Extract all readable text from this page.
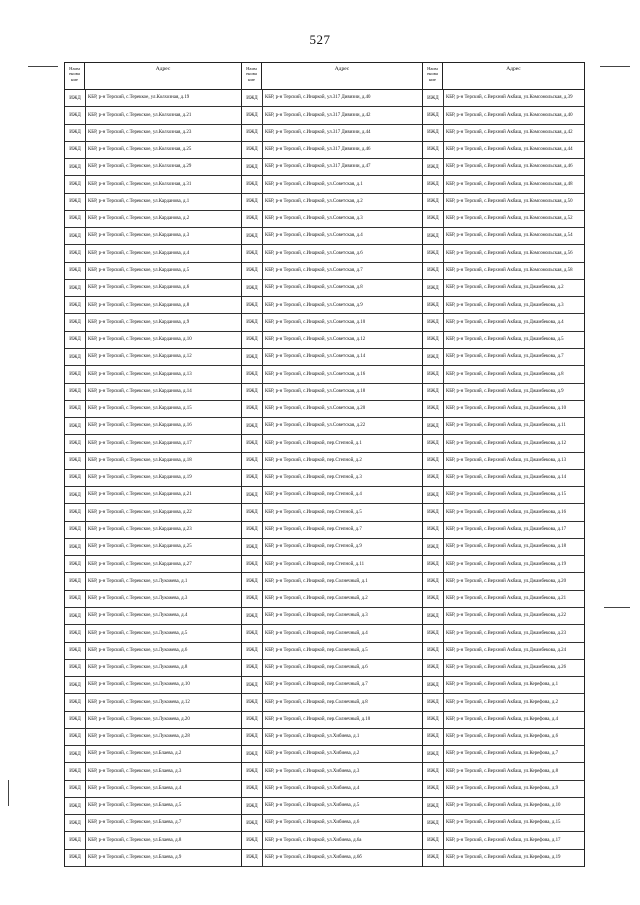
527
Наим енова ние
Адрес
ИЖД	КБР, р-н Терский, с.Тереккое, ул.Колхозная, д.19
ИЖД	КБР, р-н Терский, с.Терекское, ул.Колхозная, д.21
ИЖД	КБР, р-н Терский, с.Терекское, ул.Колхозная, д.23
ИЖД	КБР, р-н Терский, с.Терекское, ул.Колхозная, д.25
ИЖД	КБР, р-н Терский, с.Терекское, ул.Колхозная, д.29
ИЖД	КБР, р-н Терский, с.Терекское, ул.Колхозная, д.31
ИЖД	КБР, р-н Терский, с.Терекское, ул.Карданова, д.1
ИЖД	КБР, р-н Терский, с.Терекское, ул.Карданова, д.2
ИЖД	КБР, р-н Терский, с.Терекское, ул.Карданова, д.3
ИЖД	КБР, р-н Терский, с.Терекское, ул.Карданова, д.4
ИЖД	КБР, р-н Терский, с.Терекское, ул.Карданова, д.5
ИЖД	КБР, р-н Терский, с.Терекское, ул.Карданова, д.6
ИЖД	КБР, р-н Терский, с.Терекское, ул.Карданова, д.8
ИЖД	КБР, р-н Терский, с.Терекское, ул.Карданова, д.9
ИЖД	КБР, р-н Терский, с.Терекское, ул.Карданова, д.10
ИЖД	КБР, р-н Терский, с.Терекское, ул.Карданова, д.12
ИЖД	КБР, р-н Терский, с.Терекское, ул.Карданова, д.13
ИЖД	КБР, р-н Терский, с.Терекское, ул.Карданова, д.14
ИЖД	КБР, р-н Терский, с.Терекское, ул.Карданова, д.15
ИЖД	КБР, р-н Терский, с.Терекское, ул.Карданова, д.16
ИЖД	КБР, р-н Терский, с.Терекское, ул.Карданова, д.17
ИЖД	КБР, р-н Терский, с.Терекское, ул.Карданова, д.18
ИЖД	КБР, р-н Терский, с.Терекское, ул.Карданова, д.19
ИЖД	КБР, р-н Терский, с.Терекское, ул.Карданова, д.21
ИЖД	КБР, р-н Терский, с.Терекское, ул.Карданова, д.22
ИЖД	КБР, р-н Терский, с.Терекское, ул.Карданова, д.23
ИЖД	КБР, р-н Терский, с.Терекское, ул.Карданова, д.25
ИЖД	КБР, р-н Терский, с.Терекское, ул.Карданова, д.27
ИЖД	КБР, р-н Терский, с.Терекское, ул.Лукожева, д.1
ИЖД	КБР, р-н Терский, с.Терекское, ул.Лукожева, д.3
ИЖД	КБР, р-н Терский, с.Терекское, ул.Лукожева, д.4
ИЖД	КБР, р-н Терский, с.Терекское, ул.Лукожева, д.5
ИЖД	КБР, р-н Терский, с.Терекское, ул.Лукожева, д.6
ИЖД	КБР, р-н Терский, с.Терекское, ул.Лукожева, д.8
ИЖД	КБР, р-н Терский, с.Терекское, ул.Лукожева, д.10
ИЖД	КБР, р-н Терский, с.Терекское, ул.Лукожева, д.12
ИЖД	КБР, р-н Терский, с.Терекское, ул.Лукожева, д.20
ИЖД	КБР, р-н Терский, с.Терекское, ул.Лукожева, д.28
ИЖД	КБР, р-н Терский, с.Терекское, ул.Блаева, д.2
ИЖД	КБР, р-н Терский, с.Терекское, ул.Блаева, д.3
ИЖД	КБР, р-н Терский, с.Терекское, ул.Блаева, д.4
ИЖД	КБР, р-н Терский, с.Терекское, ул.Блаева, д.5
ИЖД	КБР, р-н Терский, с.Терекское, ул.Блаева, д.7
ИЖД	КБР, р-н Терский, с.Терекское, ул.Блаева, д.8
ИЖД	КБР, р-н Терский, с.Терекское, ул.Блаева, д.9
Наим енова ние
Адрес
ИЖД	КБР, р-н Терский, с.Инаркой, ул.317 Дивизии, д.40
ИЖД	КБР, р-н Терский, с.Инаркой, ул.317 Дивизии, д.42
ИЖД	КБР, р-н Терский, с.Инаркой, ул.317 Дивизии, д.44
ИЖД	КБР, р-н Терский, с.Инаркой, ул.317 Дивизии, д.46
ИЖД	КБР, р-н Терский, с.Инаркой, ул.317 Дивизии, д.47
ИЖД	КБР, р-н Терский, с.Инаркой, ул.Советская, д.1
ИЖД	КБР, р-н Терский, с.Инаркой, ул.Советская, д.2
ИЖД	КБР, р-н Терский, с.Инаркой, ул.Советская, д.3
ИЖД	КБР, р-н Терский, с.Инаркой, ул.Советская, д.4
ИЖД	КБР, р-н Терский, с.Инаркой, ул.Советская, д.6
ИЖД	КБР, р-н Терский, с.Инаркой, ул.Советская, д.7
ИЖД	КБР, р-н Терский, с.Инаркой, ул.Советская, д.8
ИЖД	КБР, р-н Терский, с.Инаркой, ул.Советская, д.9
ИЖД	КБР, р-н Терский, с.Инаркой, ул.Советская, д.10
ИЖД	КБР, р-н Терский, с.Инаркой, ул.Советская, д.12
ИЖД	КБР, р-н Терский, с.Инаркой, ул.Советская, д.14
ИЖД	КБР, р-н Терский, с.Инаркой, ул.Советская, д.16
ИЖД	КБР, р-н Терский, с.Инаркой, ул.Советская, д.18
ИЖД	КБР, р-н Терский, с.Инаркой, ул.Советская, д.20
ИЖД	КБР, р-н Терский, с.Инаркой, ул.Советская, д.22
ИЖД	КБР, р-н Терский, с.Инаркой, пер.Степной, д.1
ИЖД	КБР, р-н Терский, с.Инаркой, пер.Степной, д.2
ИЖД	КБР, р-н Терский, с.Инаркой, пер.Степной, д.3
ИЖД	КБР, р-н Терский, с.Инаркой, пер.Степной, д.4
ИЖД	КБР, р-н Терский, с.Инаркой, пер.Степной, д.5
ИЖД	КБР, р-н Терский, с.Инаркой, пер.Степной, д.7
ИЖД	КБР, р-н Терский, с.Инаркой, пер.Степной, д.9
ИЖД	КБР, р-н Терский, с.Инаркой, пер.Степной, д.11
ИЖД	КБР, р-н Терский, с.Инаркой, пер.Солнечный, д.1
ИЖД	КБР, р-н Терский, с.Инаркой, пер.Солнечный, д.2
ИЖД	КБР, р-н Терский, с.Инаркой, пер.Солнечный, д.3
ИЖД	КБР, р-н Терский, с.Инаркой, пер.Солнечный, д.4
ИЖД	КБР, р-н Терский, с.Инаркой, пер.Солнечный, д.5
ИЖД	КБР, р-н Терский, с.Инаркой, пер.Солнечный, д.6
ИЖД	КБР, р-н Терский, с.Инаркой, пер.Солнечный, д.7
ИЖД	КБР, р-н Терский, с.Инаркой, пер.Солнечный, д.8
ИЖД	КБР, р-н Терский, с.Инаркой, пер.Солнечный, д.10
ИЖД	КБР, р-н Терский, с.Инаркой, ул.Хибиева, д.1
ИЖД	КБР, р-н Терский, с.Инаркой, ул.Хибиева, д.2
ИЖД	КБР, р-н Терский, с.Инаркой, ул.Хибиева, д.3
ИЖД	КБР, р-н Терский, с.Инаркой, ул.Хибиева, д.4
ИЖД	КБР, р-н Терский, с.Инаркой, ул.Хибиева, д.5
ИЖД	КБР, р-н Терский, с.Инаркой, ул.Хибиева, д.6
ИЖД	КБР, р-н Терский, с.Инаркой, ул.Хибиева, д.6а
ИЖД	КБР, р-н Терский, с.Инаркой, ул.Хибиева, д.6б
Наим енова ние
Адрес
ИЖД	КБР, р-н Терский, с.Верхний Акбаш, ул.Комсомольская, д.39
ИЖД	КБР, р-н Терский, с.Верхний Акбаш, ул.Комсомольская, д.40
ИЖД	КБР, р-н Терский, с.Верхний Акбаш, ул.Комсомольская, д.42
ИЖД	КБР, р-н Терский, с.Верхний Акбаш, ул.Комсомольская, д.44
ИЖД	КБР, р-н Терский, с.Верхний Акбаш, ул.Комсомольская, д.46
ИЖД	КБР, р-н Терский, с.Верхний Акбаш, ул.Комсомольская, д.48
ИЖД	КБР, р-н Терский, с.Верхний Акбаш, ул.Комсомольская, д.50
ИЖД	КБР, р-н Терский, с.Верхний Акбаш, ул.Комсомольская, д.52
ИЖД	КБР, р-н Терский, с.Верхний Акбаш, ул.Комсомольская, д.54
ИЖД	КБР, р-н Терский, с.Верхний Акбаш, ул.Комсомольская, д.56
ИЖД	КБР, р-н Терский, с.Верхний Акбаш, ул.Комсомольская, д.58
ИЖД	КБР, р-н Терский, с.Верхний Акбаш, ул.Джамбекова, д.2
ИЖД	КБР, р-н Терский, с.Верхний Акбаш, ул.Джамбекова, д.3
ИЖД	КБР, р-н Терский, с.Верхний Акбаш, ул.Джамбекова, д.4
ИЖД	КБР, р-н Терский, с.Верхний Акбаш, ул.Джамбекова, д.5
ИЖД	КБР, р-н Терский, с.Верхний Акбаш, ул.Джамбекова, д.7
ИЖД	КБР, р-н Терский, с.Верхний Акбаш, ул.Джамбекова, д.8
ИЖД	КБР, р-н Терский, с.Верхний Акбаш, ул.Джамбекова, д.9
ИЖД	КБР, р-н Терский, с.Верхний Акбаш, ул.Джамбекова, д.10
ИЖД	КБР, р-н Терский, с.Верхний Акбаш, ул.Джамбекова, д.11
ИЖД	КБР, р-н Терский, с.Верхний Акбаш, ул.Джамбекова, д.12
ИЖД	КБР, р-н Терский, с.Верхний Акбаш, ул.Джамбекова, д.13
ИЖД	КБР, р-н Терский, с.Верхний Акбаш, ул.Джамбекова, д.14
ИЖД	КБР, р-н Терский, с.Верхний Акбаш, ул.Джамбекова, д.15
ИЖД	КБР, р-н Терский, с.Верхний Акбаш, ул.Джамбекова, д.16
ИЖД	КБР, р-н Терский, с.Верхний Акбаш, ул.Джамбекова, д.17
ИЖД	КБР, р-н Терский, с.Верхний Акбаш, ул.Джамбекова, д.18
ИЖД	КБР, р-н Терский, с.Верхний Акбаш, ул.Джамбекова, д.19
ИЖД	КБР, р-н Терский, с.Верхний Акбаш, ул.Джамбекова, д.20
ИЖД	КБР, р-н Терский, с.Верхний Акбаш, ул.Джамбекова, д.21
ИЖД	КБР, р-н Терский, с.Верхний Акбаш, ул.Джамбекова, д.22
ИЖД	КБР, р-н Терский, с.Верхний Акбаш, ул.Джамбекова, д.23
ИЖД	КБР, р-н Терский, с.Верхний Акбаш, ул.Джамбекова, д.24
ИЖД	КБР, р-н Терский, с.Верхний Акбаш, ул.Джамбекова, д.26
ИЖД	КБР, р-н Терский, с.Верхний Акбаш, ул.Керефова, д.1
ИЖД	КБР, р-н Терский, с.Верхний Акбаш, ул.Керефова, д.2
ИЖД	КБР, р-н Терский, с.Верхний Акбаш, ул.Керефова, д.4
ИЖД	КБР, р-н Терский, с.Верхний Акбаш, ул.Керефова, д.6
ИЖД	КБР, р-н Терский, с.Верхний Акбаш, ул.Керефова, д.7
ИЖД	КБР, р-н Терский, с.Верхний Акбаш, ул.Керефова, д.8
ИЖД	КБР, р-н Терский, с.Верхний Акбаш, ул.Керефова, д.9
ИЖД	КБР, р-н Терский, с.Верхний Акбаш, ул.Керефова, д.10
ИЖД	КБР, р-н Терский, с.Верхний Акбаш, ул.Керефова, д.15
ИЖД	КБР, р-н Терский, с.Верхний Акбаш, ул.Керефова, д.17
ИЖД	КБР, р-н Терский, с.Верхний Акбаш, ул.Керефова, д.19
